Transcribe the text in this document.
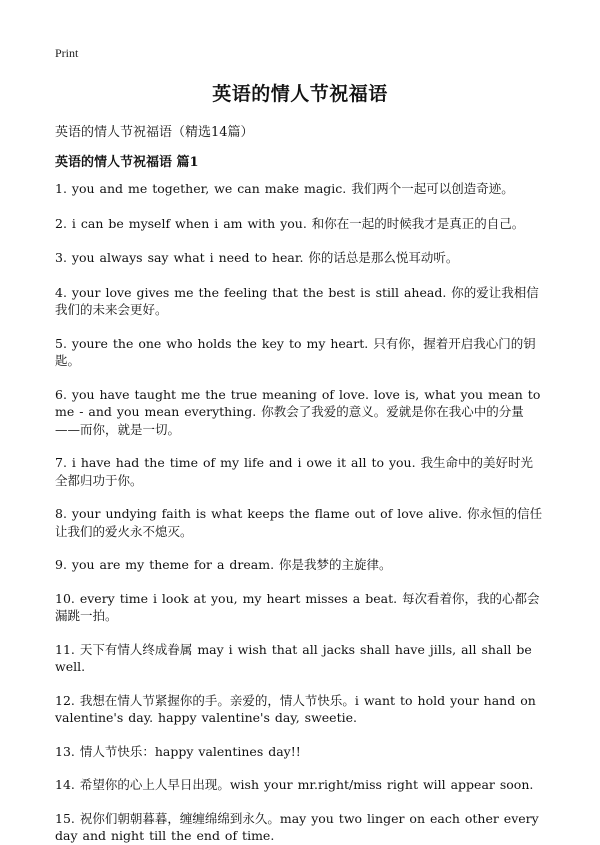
Print
英语的情人节祝福语
英语的情人节祝福语（精选14篇）
英语的情人节祝福语 篇1

1. you and me together, we can make magic. 我们两个一起可以创造奇迹。

2. i can be myself when i am with you. 和你在一起的时候我才是真正的自己。

3. you always say what i need to hear. 你的话总是那么悦耳动听。

4. your love gives me the feeling that the best is still ahead. 你的爱让我相信我们的未来会更好。

5. youre the one who holds the key to my heart. 只有你，握着开启我心门的钥匙。

6. you have taught me the true meaning of love. love is, what you mean to me - and you mean everything. 你教会了我爱的意义。爱就是你在我心中的分量——而你，就是一切。

7. i have had the time of my life and i owe it all to you. 我生命中的美好时光全都归功于你。

8. your undying faith is what keeps the flame out of love alive. 你永恒的信任让我们的爱火永不熄灭。

9. you are my theme for a dream. 你是我梦的主旋律。

10. every time i look at you, my heart misses a beat. 每次看着你，我的心都会漏跳一拍。

11. 天下有情人终成眷属 may i wish that all jacks shall have jills, all shall be well.

12. 我想在情人节紧握你的手。亲爱的，情人节快乐。i want to hold your hand on valentine's day. happy valentine's day, sweetie.

13. 情人节快乐：happy valentines day!!

14. 希望你的心上人早日出现。wish your mr.right/miss right will appear soon.

15. 祝你们朝朝暮暮，缠缠绵绵到永久。may you two linger on each other every day and night till the end of time.
